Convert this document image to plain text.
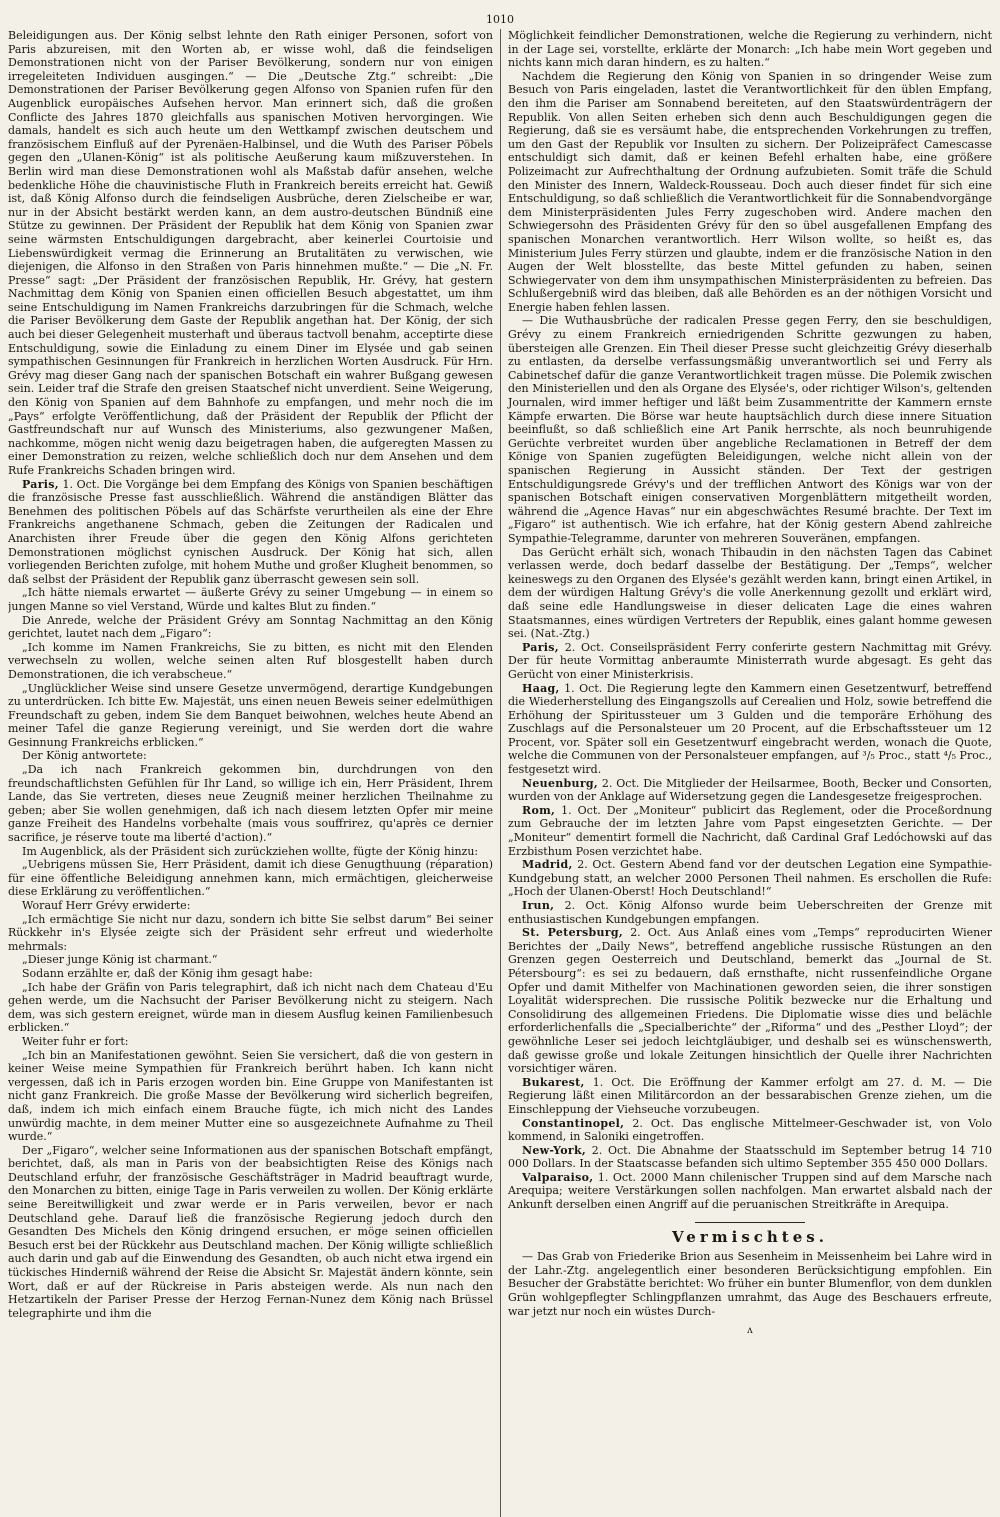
1010

Beleidigungen aus. Der König selbst lehnte den Rath einiger Personen, sofort von Paris abzureisen, mit den Worten ab, er wisse wohl, daß die feindseligen Demonstrationen nicht von der Pariser Bevölkerung, sondern nur von einigen irregeleiteten Individuen ausgingen.“ — Die „Deutsche Ztg.“ schreibt: „Die Demonstrationen der Pariser Bevölkerung gegen Alfonso von Spanien rufen für den Augenblick europäisches Aufsehen hervor. Man erinnert sich, daß die großen Conflicte des Jahres 1870 gleichfalls aus spanischen Motiven hervorgingen. Wie damals, handelt es sich auch heute um den Wettkampf zwischen deutschem und französischem Einfluß auf der Pyrenäen-Halbinsel, und die Wuth des Pariser Pöbels gegen den „Ulanen-König“ ist als politische Aeußerung kaum mißzuverstehen. In Berlin wird man diese Demonstrationen wohl als Maßstab dafür ansehen, welche bedenkliche Höhe die chauvinistische Fluth in Frankreich bereits erreicht hat. Gewiß ist, daß König Alfonso durch die feindseligen Ausbrüche, deren Zielscheibe er war, nur in der Absicht bestärkt werden kann, an dem austro-deutschen Bündniß eine Stütze zu gewinnen. Der Präsident der Republik hat dem König von Spanien zwar seine wärmsten Entschuldigungen dargebracht, aber keinerlei Courtoisie und Liebenswürdigkeit vermag die Erinnerung an Brutalitäten zu verwischen, wie diejenigen, die Alfonso in den Straßen von Paris hinnehmen mußte.“ — Die „N. Fr. Presse“ sagt: „Der Präsident der französischen Republik, Hr. Grévy, hat gestern Nachmittag dem König von Spanien einen officiellen Besuch abgestattet, um ihm seine Entschuldigung im Namen Frankreichs darzubringen für die Schmach, welche die Pariser Bevölkerung dem Gaste der Republik angethan hat. Der König, der sich auch bei dieser Gelegenheit musterhaft und überaus tactvoll benahm, acceptirte diese Entschuldigung, sowie die Einladung zu einem Diner im Elysée und gab seinen sympathischen Gesinnungen für Frankreich in herzlichen Worten Ausdruck. Für Hrn. Grévy mag dieser Gang nach der spanischen Botschaft ein wahrer Bußgang gewesen sein. Leider traf die Strafe den greisen Staatschef nicht unverdient. Seine Weigerung, den König von Spanien auf dem Bahnhofe zu empfangen, und mehr noch die im „Pays“ erfolgte Veröffentlichung, daß der Präsident der Republik der Pflicht der Gastfreundschaft nur auf Wunsch des Ministeriums, also gezwungener Maßen, nachkomme, mögen nicht wenig dazu beigetragen haben, die aufgeregten Massen zu einer Demonstration zu reizen, welche schließlich doch nur dem Ansehen und dem Rufe Frankreichs Schaden bringen wird.

Paris, 1. Oct. Die Vorgänge bei dem Empfang des Königs von Spanien beschäftigen die französische Presse fast ausschließlich. Während die anständigen Blätter das Benehmen des politischen Pöbels auf das Schärfste verurtheilen als eine der Ehre Frankreichs angethanene Schmach, geben die Zeitungen der Radicalen und Anarchisten ihrer Freude über die gegen den König Alfons gerichteten Demonstrationen möglichst cynischen Ausdruck. Der König hat sich, allen vorliegenden Berichten zufolge, mit hohem Muthe und großer Klugheit benommen, so daß selbst der Präsident der Republik ganz überrascht gewesen sein soll.

„Ich hätte niemals erwartet — äußerte Grévy zu seiner Umgebung — in einem so jungen Manne so viel Verstand, Würde und kaltes Blut zu finden.“

Die Anrede, welche der Präsident Grévy am Sonntag Nachmittag an den König gerichtet, lautet nach dem „Figaro“:

„Ich komme im Namen Frankreichs, Sie zu bitten, es nicht mit den Elenden verwechseln zu wollen, welche seinen alten Ruf blosgestellt haben durch Demonstrationen, die ich verabscheue.“

„Unglücklicher Weise sind unsere Gesetze unvermögend, derartige Kundgebungen zu unterdrücken. Ich bitte Ew. Majestät, uns einen neuen Beweis seiner edelmüthigen Freundschaft zu geben, indem Sie dem Banquet beiwohnen, welches heute Abend an meiner Tafel die ganze Regierung vereinigt, und Sie werden dort die wahre Gesinnung Frankreichs erblicken.“

Der König antwortete:

„Da ich nach Frankreich gekommen bin, durchdrungen von den freundschaftlichsten Gefühlen für Ihr Land, so willige ich ein, Herr Präsident, Ihrem Lande, das Sie vertreten, dieses neue Zeugniß meiner herzlichen Theilnahme zu geben; aber Sie wollen genehmigen, daß ich nach diesem letzten Opfer mir meine ganze Freiheit des Handelns vorbehalte (mais vous souffrirez, qu'après ce dernier sacrifice, je réserve toute ma liberté d'action).“

Im Augenblick, als der Präsident sich zurückziehen wollte, fügte der König hinzu:

„Uebrigens müssen Sie, Herr Präsident, damit ich diese Genugthuung (réparation) für eine öffentliche Beleidigung annehmen kann, mich ermächtigen, gleicherweise diese Erklärung zu veröffentlichen.“

Worauf Herr Grévy erwiderte:

„Ich ermächtige Sie nicht nur dazu, sondern ich bitte Sie selbst darum“ Bei seiner Rückkehr in's Elysée zeigte sich der Präsident sehr erfreut und wiederholte mehrmals:

„Dieser junge König ist charmant.“

Sodann erzählte er, daß der König ihm gesagt habe:

„Ich habe der Gräfin von Paris telegraphirt, daß ich nicht nach dem Chateau d'Eu gehen werde, um die Nachsucht der Pariser Bevölkerung nicht zu steigern. Nach dem, was sich gestern ereignet, würde man in diesem Ausflug keinen Familienbesuch erblicken.“

Weiter fuhr er fort:

„Ich bin an Manifestationen gewöhnt. Seien Sie versichert, daß die von gestern in keiner Weise meine Sympathien für Frankreich berührt haben. Ich kann nicht vergessen, daß ich in Paris erzogen worden bin. Eine Gruppe von Manifestanten ist nicht ganz Frankreich. Die große Masse der Bevölkerung wird sicherlich begreifen, daß, indem ich mich einfach einem Brauche fügte, ich mich nicht des Landes unwürdig machte, in dem meiner Mutter eine so ausgezeichnete Aufnahme zu Theil wurde.“

Der „Figaro“, welcher seine Informationen aus der spanischen Botschaft empfängt, berichtet, daß, als man in Paris von der beabsichtigten Reise des Königs nach Deutschland erfuhr, der französische Geschäftsträger in Madrid beauftragt wurde, den Monarchen zu bitten, einige Tage in Paris verweilen zu wollen. Der König erklärte seine Bereitwilligkeit und zwar werde er in Paris verweilen, bevor er nach Deutschland gehe. Darauf ließ die französische Regierung jedoch durch den Gesandten Des Michels den König dringend ersuchen, er möge seinen officiellen Besuch erst bei der Rückkehr aus Deutschland machen. Der König willigte schließlich auch darin und gab auf die Einwendung des Gesandten, ob auch nicht etwa irgend ein tückisches Hinderniß während der Reise die Absicht Sr. Majestät ändern könnte, sein Wort, daß er auf der Rückreise in Paris absteigen werde. Als nun nach den Hetzartikeln der Pariser Presse der Herzog Fernan-Nunez dem König nach Brüssel telegraphirte und ihm die

Möglichkeit feindlicher Demonstrationen, welche die Regierung zu verhindern, nicht in der Lage sei, vorstellte, erklärte der Monarch: „Ich habe mein Wort gegeben und nichts kann mich daran hindern, es zu halten.“

Nachdem die Regierung den König von Spanien in so dringender Weise zum Besuch von Paris eingeladen, lastet die Verantwortlichkeit für den üblen Empfang, den ihm die Pariser am Sonnabend bereiteten, auf den Staatswürdenträgern der Republik. Von allen Seiten erheben sich denn auch Beschuldigungen gegen die Regierung, daß sie es versäumt habe, die entsprechenden Vorkehrungen zu treffen, um den Gast der Republik vor Insulten zu sichern. Der Polizeipräfect Camescasse entschuldigt sich damit, daß er keinen Befehl erhalten habe, eine größere Polizeimacht zur Aufrechthaltung der Ordnung aufzubieten. Somit träfe die Schuld den Minister des Innern, Waldeck-Rousseau. Doch auch dieser findet für sich eine Entschuldigung, so daß schließlich die Verantwortlichkeit für die Sonnabendvorgänge dem Ministerpräsidenten Jules Ferry zugeschoben wird. Andere machen den Schwiegersohn des Präsidenten Grévy für den so übel ausgefallenen Empfang des spanischen Monarchen verantwortlich. Herr Wilson wollte, so heißt es, das Ministerium Jules Ferry stürzen und glaubte, indem er die französische Nation in den Augen der Welt blosstellte, das beste Mittel gefunden zu haben, seinen Schwiegervater von dem ihm unsympathischen Ministerpräsidenten zu befreien. Das Schlußergebniß wird das bleiben, daß alle Behörden es an der nöthigen Vorsicht und Energie haben fehlen lassen.

— Die Wuthausbrüche der radicalen Presse gegen Ferry, den sie beschuldigen, Grévy zu einem Frankreich erniedrigenden Schritte gezwungen zu haben, übersteigen alle Grenzen. Ein Theil dieser Presse sucht gleichzeitig Grévy dieserhalb zu entlasten, da derselbe verfassungsmäßig unverantwortlich sei und Ferry als Cabinetschef dafür die ganze Verantwortlichkeit tragen müsse. Die Polemik zwischen den Ministeriellen und den als Organe des Elysée's, oder richtiger Wilson's, geltenden Journalen, wird immer heftiger und läßt beim Zusammentritte der Kammern ernste Kämpfe erwarten. Die Börse war heute hauptsächlich durch diese innere Situation beeinflußt, so daß schließlich eine Art Panik herrschte, als noch beunruhigende Gerüchte verbreitet wurden über angebliche Reclamationen in Betreff der dem Könige von Spanien zugefügten Beleidigungen, welche nicht allein von der spanischen Regierung in Aussicht ständen. Der Text der gestrigen Entschuldigungsrede Grévy's und der trefflichen Antwort des Königs war von der spanischen Botschaft einigen conservativen Morgenblättern mitgetheilt worden, während die „Agence Havas“ nur ein abgeschwächtes Resumé brachte. Der Text im „Figaro“ ist authentisch. Wie ich erfahre, hat der König gestern Abend zahlreiche Sympathie-Telegramme, darunter von mehreren Souveränen, empfangen.

Das Gerücht erhält sich, wonach Thibaudin in den nächsten Tagen das Cabinet verlassen werde, doch bedarf dasselbe der Bestätigung. Der „Temps“, welcher keineswegs zu den Organen des Elysée's gezählt werden kann, bringt einen Artikel, in dem der würdigen Haltung Grévy's die volle Anerkennung gezollt und erklärt wird, daß seine edle Handlungsweise in dieser delicaten Lage die eines wahren Staatsmannes, eines würdigen Vertreters der Republik, eines galant homme gewesen sei. (Nat.-Ztg.)

Paris, 2. Oct. Conseilspräsident Ferry conferirte gestern Nachmittag mit Grévy. Der für heute Vormittag anberaumte Ministerrath wurde abgesagt. Es geht das Gerücht von einer Ministerkrisis.

Haag, 1. Oct. Die Regierung legte den Kammern einen Gesetzentwurf, betreffend die Wiederherstellung des Eingangszolls auf Cerealien und Holz, sowie betreffend die Erhöhung der Spiritussteuer um 3 Gulden und die temporäre Erhöhung des Zuschlags auf die Personalsteuer um 20 Procent, auf die Erbschaftssteuer um 12 Procent, vor. Später soll ein Gesetzentwurf eingebracht werden, wonach die Quote, welche die Communen von der Personalsteuer empfangen, auf ³/₅ Proc., statt ⁴/₅ Proc., festgesetzt wird.

Neuenburg, 2. Oct. Die Mitglieder der Heilsarmee, Booth, Becker und Consorten, wurden von der Anklage auf Widersetzung gegen die Landesgesetze freigesprochen.

Rom, 1. Oct. Der „Moniteur“ publicirt das Reglement, oder die Proceßordnung zum Gebrauche der im letzten Jahre vom Papst eingesetzten Gerichte. — Der „Moniteur“ dementirt formell die Nachricht, daß Cardinal Graf Ledóchowski auf das Erzbisthum Posen verzichtet habe.

Madrid, 2. Oct. Gestern Abend fand vor der deutschen Legation eine Sympathie-Kundgebung statt, an welcher 2000 Personen Theil nahmen. Es erschollen die Rufe: „Hoch der Ulanen-Oberst! Hoch Deutschland!“

Irun, 2. Oct. König Alfonso wurde beim Ueberschreiten der Grenze mit enthusiastischen Kundgebungen empfangen.

St. Petersburg, 2. Oct. Aus Anlaß eines vom „Temps“ reproducirten Wiener Berichtes der „Daily News“, betreffend angebliche russische Rüstungen an den Grenzen gegen Oesterreich und Deutschland, bemerkt das „Journal de St. Pétersbourg“: es sei zu bedauern, daß ernsthafte, nicht russenfeindliche Organe Opfer und damit Mithelfer von Machinationen geworden seien, die ihrer sonstigen Loyalität widersprechen. Die russische Politik bezwecke nur die Erhaltung und Consolidirung des allgemeinen Friedens. Die Diplomatie wisse dies und belächle erforderlichenfalls die „Specialberichte“ der „Riforma“ und des „Pesther Lloyd“; der gewöhnliche Leser sei jedoch leichtgläubiger, und deshalb sei es wünschenswerth, daß gewisse große und lokale Zeitungen hinsichtlich der Quelle ihrer Nachrichten vorsichtiger wären.

Bukarest, 1. Oct. Die Eröffnung der Kammer erfolgt am 27. d. M. — Die Regierung läßt einen Militärcordon an der bessarabischen Grenze ziehen, um die Einschleppung der Viehseuche vorzubeugen.

Constantinopel, 2. Oct. Das englische Mittelmeer-Geschwader ist, von Volo kommend, in Saloniki eingetroffen.

New-York, 2. Oct. Die Abnahme der Staatsschuld im September betrug 14 710 000 Dollars. In der Staatscasse befanden sich ultimo September 355 450 000 Dollars.

Valparaiso, 1. Oct. 2000 Mann chilenischer Truppen sind auf dem Marsche nach Arequipa; weitere Verstärkungen sollen nachfolgen. Man erwartet alsbald nach der Ankunft derselben einen Angriff auf die peruanischen Streitkräfte in Arequipa.

Vermischtes.

— Das Grab von Friederike Brion aus Sesenheim in Meissenheim bei Lahre wird in der Lahr.-Ztg. angelegentlich einer besonderen Berücksichtigung empfohlen. Ein Besucher der Grabstätte berichtet: Wo früher ein bunter Blumenflor, von dem dunklen Grün wohlgepflegter Schlingpflanzen umrahmt, das Auge des Beschauers erfreute, war jetzt nur noch ein wüstes Durch-

ʌ
